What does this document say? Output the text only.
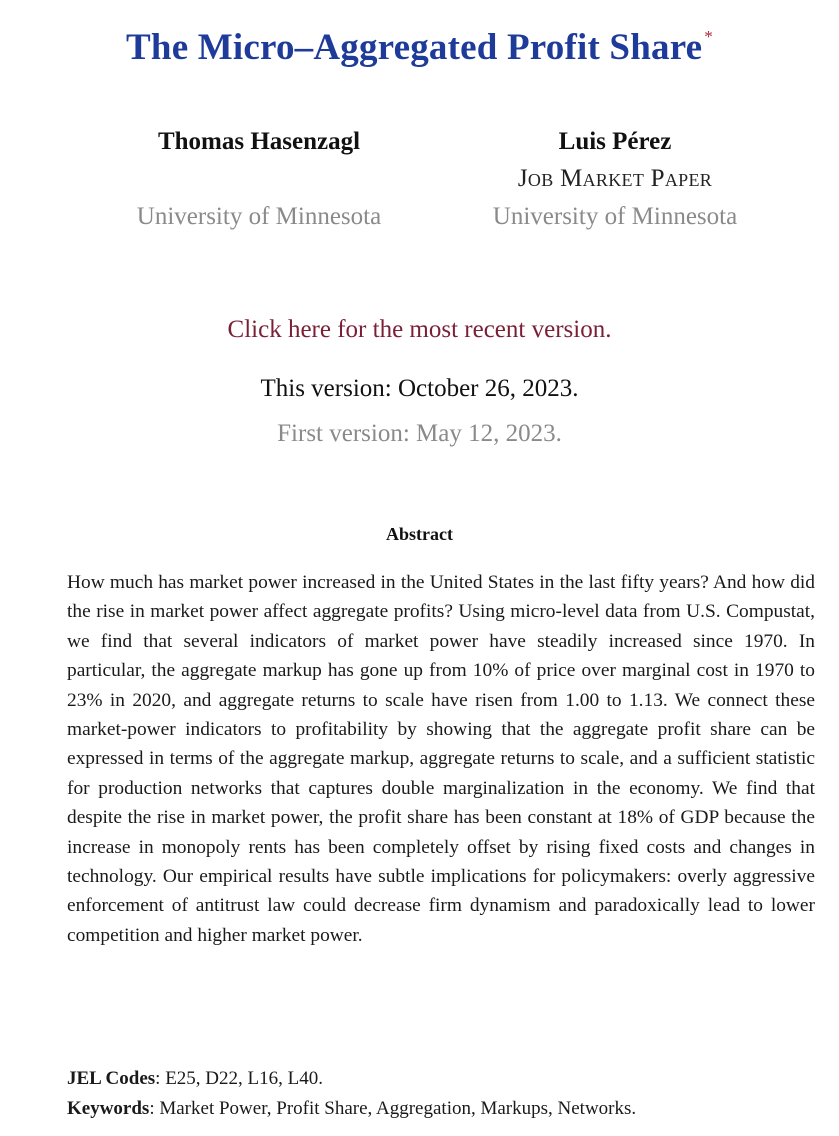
The Micro–Aggregated Profit Share *
Thomas Hasenzagl
University of Minnesota
Luis Pérez
Job Market Paper
University of Minnesota
Click here for the most recent version.
This version: October 26, 2023.
First version: May 12, 2023.
Abstract
How much has market power increased in the United States in the last fifty years? And how did the rise in market power affect aggregate profits? Using micro-level data from U.S. Compustat, we find that several indicators of market power have steadily increased since 1970. In particular, the aggregate markup has gone up from 10% of price over marginal cost in 1970 to 23% in 2020, and aggregate returns to scale have risen from 1.00 to 1.13. We connect these market-power indicators to profitability by showing that the aggregate profit share can be expressed in terms of the aggregate markup, aggregate returns to scale, and a sufficient statistic for production networks that captures double marginalization in the economy. We find that despite the rise in market power, the profit share has been constant at 18% of GDP because the increase in monopoly rents has been completely offset by rising fixed costs and changes in technology. Our empirical results have subtle implications for policymakers: overly aggressive enforcement of antitrust law could decrease firm dynamism and paradoxically lead to lower competition and higher market power.
JEL Codes: E25, D22, L16, L40.
Keywords: Market Power, Profit Share, Aggregation, Markups, Networks.
